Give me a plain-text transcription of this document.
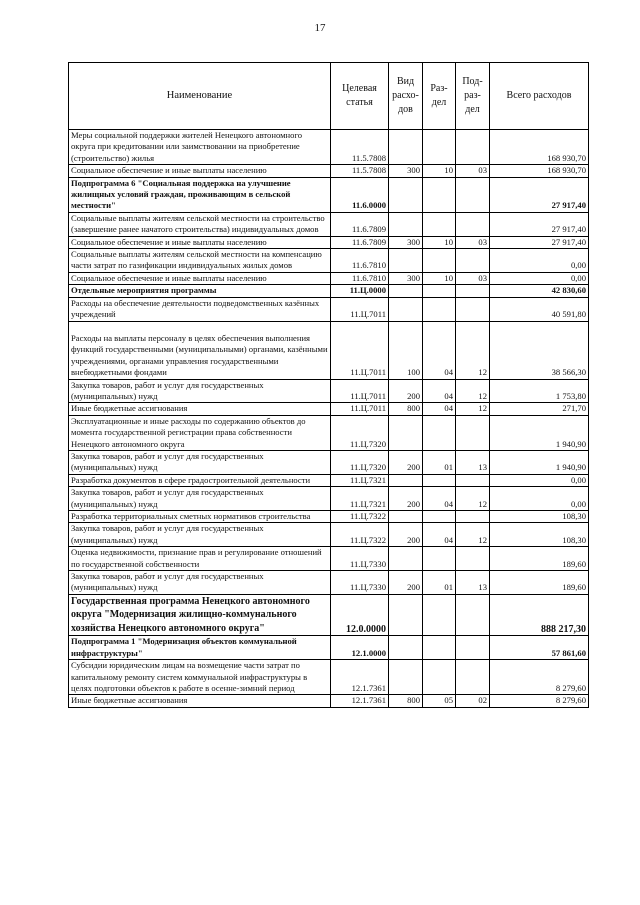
17
Наименование	Целевая статья	Вид расхо-дов	Раз-дел	Под-раз-дел	Всего расходов
Меры социальной поддержки жителей Ненецкого автономного округа при кредитовании или заимствовании на приобретение (строительство) жилья	11.5.7808				168 930,70
Социальное обеспечение и иные выплаты населению	11.5.7808	300	10	03	168 930,70
Подпрограмма 6 "Социальная поддержка на улучшение жилищных условий граждан, проживающим в сельской местности"	11.6.0000				27 917,40
Социальные выплаты жителям сельской местности на строительство (завершение ранее начатого строительства) индивидуальных домов	11.6.7809				27 917,40
Социальное обеспечение и иные выплаты населению	11.6.7809	300	10	03	27 917,40
Социальные выплаты жителям сельской местности на компенсацию части затрат по газификации индивидуальных жилых домов	11.6.7810				0,00
Социальное обеспечение и иные выплаты населению	11.6.7810	300	10	03	0,00
Отдельные мероприятия программы	11.Ц.0000				42 830,60
Расходы на обеспечение деятельности подведомственных казённых учреждений	11.Ц.7011				40 591,80
Расходы на выплаты персоналу в целях обеспечения выполнения функций государственными (муниципальными) органами, казёнными учреждениями, органами управления государственными внебюджетными фондами	11.Ц.7011	100	04	12	38 566,30
Закупка товаров, работ и услуг для государственных (муниципальных) нужд	11.Ц.7011	200	04	12	1 753,80
Иные бюджетные ассигнования	11.Ц.7011	800	04	12	271,70
Эксплуатационные и иные расходы по содержанию объектов до момента государственной регистрации права собственности Ненецкого автономного округа	11.Ц.7320				1 940,90
Закупка товаров, работ и услуг для государственных (муниципальных) нужд	11.Ц.7320	200	01	13	1 940,90
Разработка документов в сфере градостроительной деятельности	11.Ц.7321				0,00
Закупка товаров, работ и услуг для государственных (муниципальных) нужд	11.Ц.7321	200	04	12	0,00
Разработка территориальных сметных нормативов строительства	11.Ц.7322				108,30
Закупка товаров, работ и услуг для государственных (муниципальных) нужд	11.Ц.7322	200	04	12	108,30
Оценка недвижимости, признание прав и регулирование отношений по государственной собственности	11.Ц.7330				189,60
Закупка товаров, работ и услуг для государственных (муниципальных) нужд	11.Ц.7330	200	01	13	189,60
Государственная программа Ненецкого автономного округа "Модернизация жилищно-коммунального хозяйства Ненецкого автономного округа"	12.0.0000				888 217,30
Подпрограмма 1 "Модернизация объектов коммунальной инфраструктуры"	12.1.0000				57 861,60
Субсидии юридическим лицам на возмещение части затрат по капитальному ремонту систем коммунальной инфраструктуры в целях подготовки объектов к работе в осенне-зимний период	12.1.7361				8 279,60
Иные бюджетные ассигнования	12.1.7361	800	05	02	8 279,60
